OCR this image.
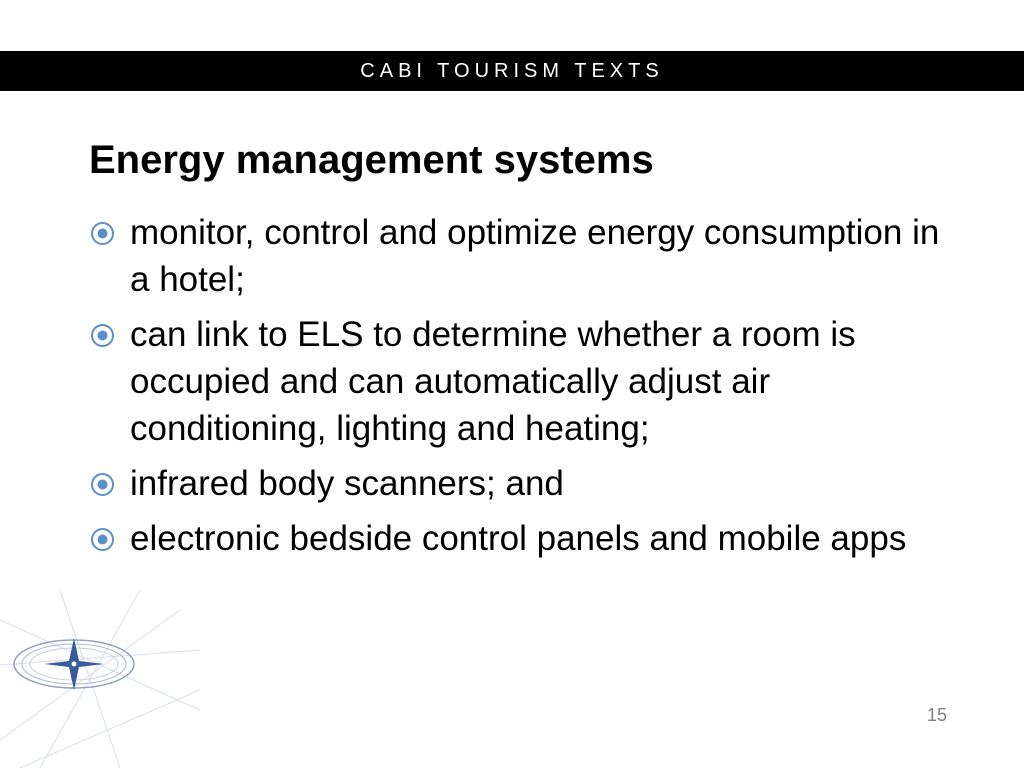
CABI TOURISM TEXTS
Energy management systems
monitor, control and optimize energy consumption in a hotel;
can link to ELS to determine whether a room is occupied and can automatically adjust air conditioning, lighting and heating;
infrared body scanners; and
electronic bedside control panels and mobile apps
15
